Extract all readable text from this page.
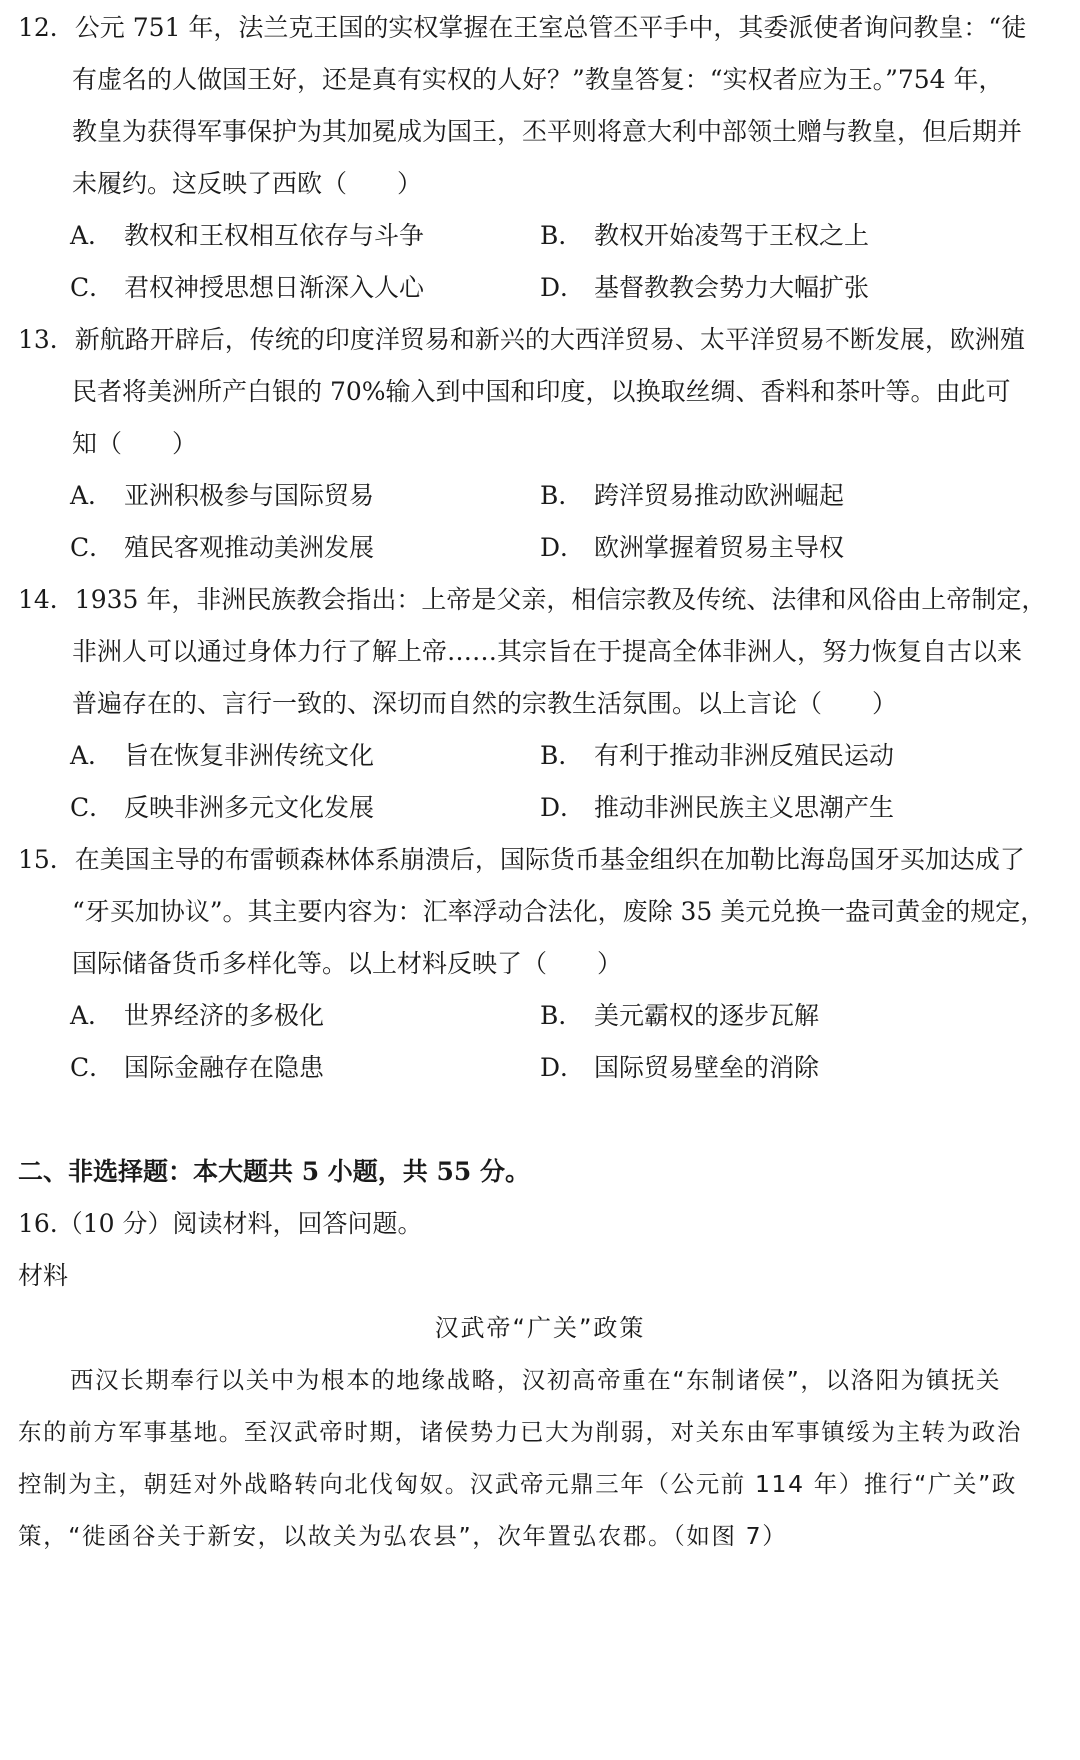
12．公元 751 年，法兰克王国的实权掌握在王室总管丕平手中，其委派使者询问教皇：“徒
有虚名的人做国王好，还是真有实权的人好？”教皇答复：“实权者应为王。”754 年，
教皇为获得军事保护为其加冕成为国王，丕平则将意大利中部领土赠与教皇，但后期并
未履约。这反映了西欧（　　）
A． 教权和王权相互依存与斗争	B． 教权开始凌驾于王权之上
C． 君权神授思想日渐深入人心	D． 基督教教会势力大幅扩张
13．新航路开辟后，传统的印度洋贸易和新兴的大西洋贸易、太平洋贸易不断发展，欧洲殖
民者将美洲所产白银的 70%输入到中国和印度，以换取丝绸、香料和茶叶等。由此可
知（　　）
A． 亚洲积极参与国际贸易	B． 跨洋贸易推动欧洲崛起
C． 殖民客观推动美洲发展	D． 欧洲掌握着贸易主导权
14．1935 年，非洲民族教会指出：上帝是父亲，相信宗教及传统、法律和风俗由上帝制定，
非洲人可以通过身体力行了解上帝……其宗旨在于提高全体非洲人，努力恢复自古以来
普遍存在的、言行一致的、深切而自然的宗教生活氛围。以上言论（　　）
A． 旨在恢复非洲传统文化	B． 有利于推动非洲反殖民运动
C． 反映非洲多元文化发展	D． 推动非洲民族主义思潮产生
15．在美国主导的布雷顿森林体系崩溃后，国际货币基金组织在加勒比海岛国牙买加达成了
“牙买加协议”。其主要内容为：汇率浮动合法化，废除 35 美元兑换一盎司黄金的规定，
国际储备货币多样化等。以上材料反映了（　　）
A． 世界经济的多极化	B． 美元霸权的逐步瓦解
C． 国际金融存在隐患	D． 国际贸易壁垒的消除
二、非选择题：本大题共 5 小题，共 55 分。
16.（10 分）阅读材料，回答问题。
材料
汉武帝“广关”政策
西汉长期奉行以关中为根本的地缘战略，汉初高帝重在“东制诸侯”，以洛阳为镇抚关
东的前方军事基地。至汉武帝时期，诸侯势力已大为削弱，对关东由军事镇绥为主转为政治
控制为主，朝廷对外战略转向北伐匈奴。汉武帝元鼎三年（公元前 114 年）推行“广关”政
策，“徙函谷关于新安，以故关为弘农县”，次年置弘农郡。（如图 7）
